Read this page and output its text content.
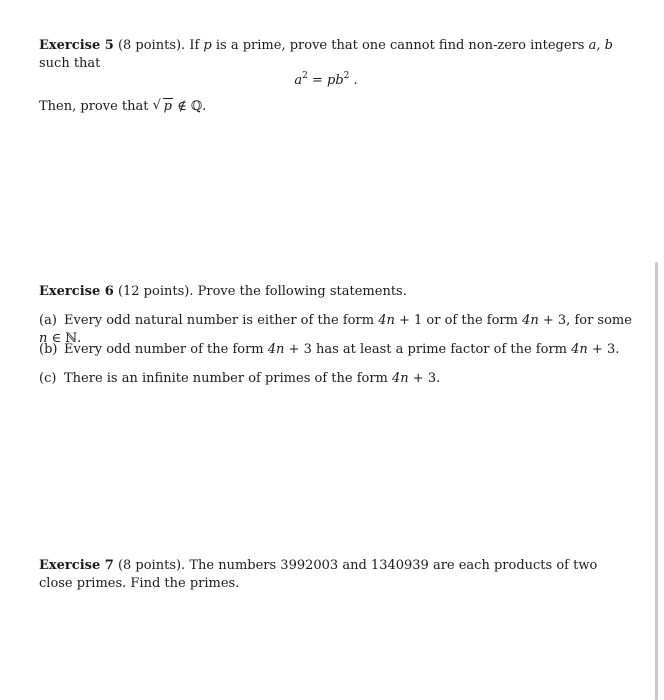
Exercise 5 (8 points). If p is a prime, prove that one cannot find non-zero integers a, b such that
$a^2 = pb^2$ .
Then, prove that √ p ∉ ℚ.
Exercise 6 (12 points). Prove the following statements.
(a) Every odd natural number is either of the form 4n + 1 or of the form 4n + 3, for some n ∈ ℕ.
(b) Every odd number of the form 4n + 3 has at least a prime factor of the form 4n + 3.
(c) There is an infinite number of primes of the form 4n + 3.
Exercise 7 (8 points). The numbers 3992003 and 1340939 are each products of two close primes. Find the primes.
